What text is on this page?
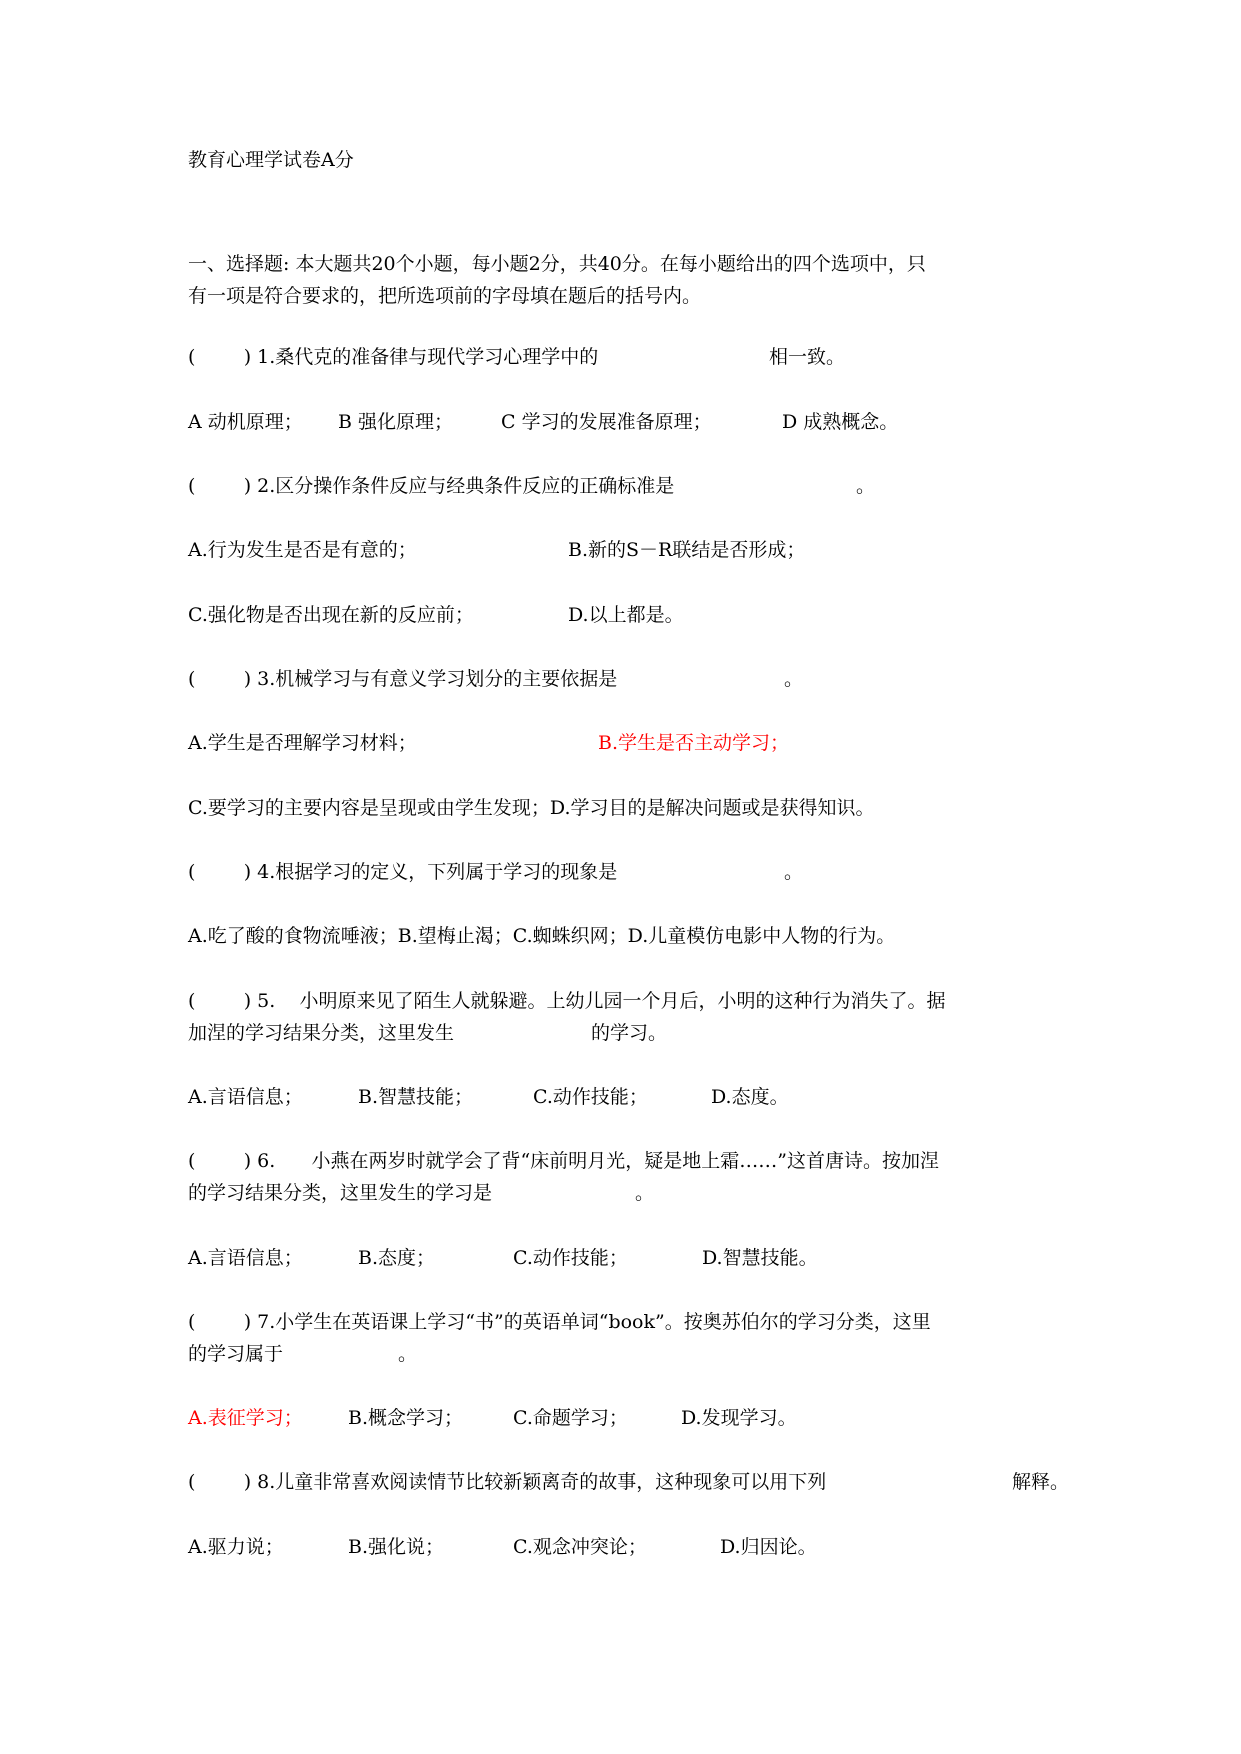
教育心理学试卷A分
一、选择题: 本大题共20个小题，每小题2分，共40分。在每小题给出的四个选项中，只
有一项是符合要求的，把所选项前的字母填在题后的括号内。

(        ) 1.桑代克的准备律与现代学习心理学中的

	相一致。

A 动机原理；

B 强化原理；

	C 学习的发展准备原理；

	D 成熟概念。

(        ) 2.区分操作条件反应与经典条件反应的正确标准是

	。

A.行为发生是否是有意的；

	B.新的S－R联结是否形成；

C.强化物是否出现在新的反应前；

	D.以上都是。

(        ) 3.机械学习与有意义学习划分的主要依据是

	。

A.学生是否理解学习材料；

	B.学生是否主动学习；

C.要学习的主要内容是呈现或由学生发现；D.学习目的是解决问题或是获得知识。

(        ) 4.根据学习的定义，下列属于学习的现象是

	。

A.吃了酸的食物流唾液；B.望梅止渴；C.蜘蛛织网；D.儿童模仿电影中人物的行为。
(        ) 5.    小明原来见了陌生人就躲避。上幼儿园一个月后，小明的这种行为消失了。据

加涅的学习结果分类，这里发生

	的学习。

A.言语信息；

	B.智慧技能；

	C.动作技能；

	D.态度。

(        ) 6.      小燕在两岁时就学会了背“床前明月光，疑是地上霜……”这首唐诗。按加涅

的学习结果分类，这里发生的学习是

	。

A.言语信息；

	B.态度；

	C.动作技能；

	D.智慧技能。

(        ) 7.小学生在英语课上学习“书”的英语单词“book”。按奥苏伯尔的学习分类，这里

的学习属于

	。

A.表征学习；

B.概念学习；

	C.命题学习；

	D.发现学习。

(        ) 8.儿童非常喜欢阅读情节比较新颖离奇的故事，这种现象可以用下列

	解释。

A.驱力说；

	B.强化说；

	C.观念冲突论；

	D.归因论。
